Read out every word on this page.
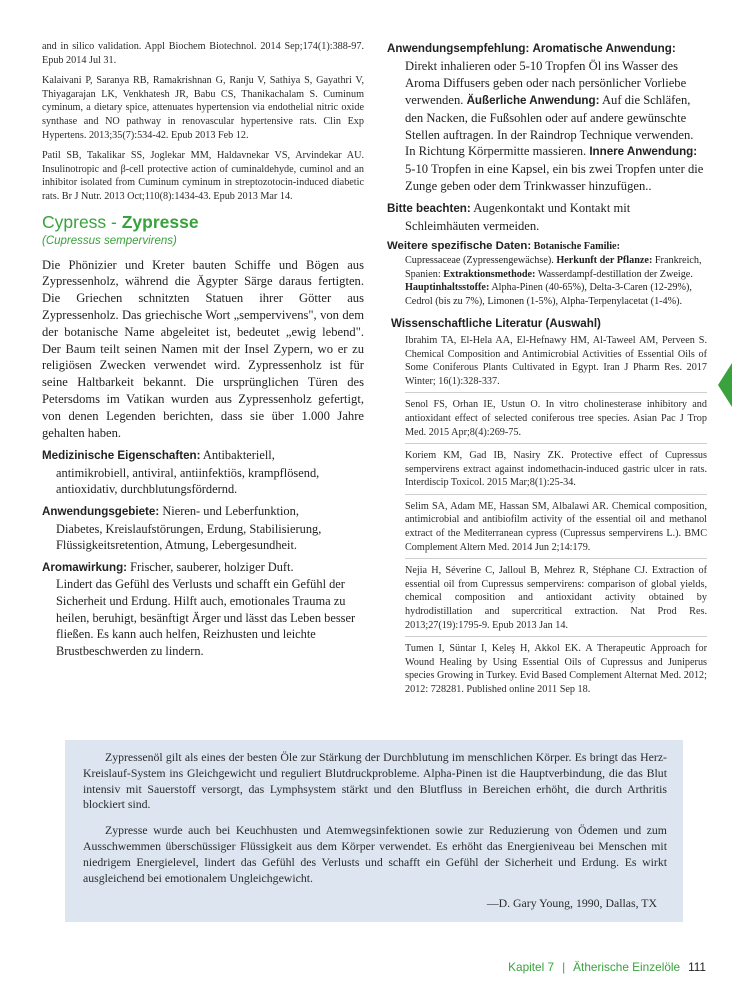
and in silico validation. Appl Biochem Biotechnol. 2014 Sep;174(1):388-97. Epub 2014 Jul 31.

Kalaivani P, Saranya RB, Ramakrishnan G, Ranju V, Sathiya S, Gayathri V, Thiyagarajan LK, Venkhatesh JR, Babu CS, Thanikachalam S. Cuminum cyminum, a dietary spice, attenuates hypertension via endothelial nitric oxide synthase and NO pathway in renovascular hypertensive rats. Clin Exp Hypertens. 2013;35(7):534-42. Epub 2013 Feb 12.

Patil SB, Takalikar SS, Joglekar MM, Haldavnekar VS, Arvindekar AU. Insulinotropic and β-cell protective action of cuminaldehyde, cuminol and an inhibitor isolated from Cuminum cyminum in streptozotocin-induced diabetic rats. Br J Nutr. 2013 Oct;110(8):1434-43. Epub 2013 Mar 14.

Cypress - Zypresse
(Cupressus sempervirens)

Die Phönizier und Kreter bauten Schiffe und Bögen aus Zypressenholz, während die Ägypter Särge daraus fertigten. Die Griechen schnitzten Statuen ihrer Götter aus Zypressenholz. Das griechische Wort „sempervivens", von dem der botanische Name abgeleitet ist, bedeutet „ewig lebend". Der Baum teilt seinen Namen mit der Insel Zypern, wo er zu religiösen Zwecken verwendet wird. Zypressenholz ist für seine Haltbarkeit bekannt. Die ursprünglichen Türen des Petersdoms im Vatikan wurden aus Zypressenholz gefertigt, von denen Legenden berichten, dass sie über 1.000 Jahre gehalten haben.

Medizinische Eigenschaften: Antibakteriell,
antimikrobiell, antiviral, antiinfektiös, krampflösend, antioxidativ, durchblutungsfördernd.
Anwendungsgebiete: Nieren- und Leberfunktion,
Diabetes, Kreislaufstörungen, Erdung, Stabilisierung, Flüssigkeitsretention, Atmung, Lebergesundheit.
Aromawirkung: Frischer, sauberer, holziger Duft.
Lindert das Gefühl des Verlusts und schafft ein Gefühl der Sicherheit und Erdung. Hilft auch, emotionales Trauma zu heilen, beruhigt, besänftigt Ärger und lässt das Leben besser fließen. Es kann auch helfen, Reizhusten und leichte Brustbeschwerden zu lindern.
Anwendungsempfehlung: Aromatische Anwendung:
Direkt inhalieren oder 5-10 Tropfen Öl ins Wasser des Aroma Diffusers geben oder nach persönlicher Vorliebe verwenden. Äußerliche Anwendung: Auf die Schläfen, den Nacken, die Fußsohlen oder auf andere gewünschte Stellen auftragen. In der Raindrop Technique verwenden. In Richtung Körpermitte massieren. Innere Anwendung: 5-10 Tropfen in eine Kapsel, ein bis zwei Tropfen unter die Zunge geben oder dem Trinkwasser hinzufügen..
Bitte beachten: Augenkontakt und Kontakt mit
Schleimhäuten vermeiden.
Weitere spezifische Daten: Botanische Familie:
Cupressaceae (Zypressengewächse). Herkunft der Pflanze: Frankreich, Spanien: Extraktionsmethode: Wasserdampf-destillation der Zweige. Hauptinhaltsstoffe: Alpha-Pinen (40-65%), Delta-3-Caren (12-29%), Cedrol (bis zu 7%), Limonen (1-5%), Alpha-Terpenylacetat (1-4%).
Wissenschaftliche Literatur (Auswahl)

Ibrahim TA, El-Hela AA, El-Hefnawy HM, Al-Taweel AM, Perveen S. Chemical Composition and Antimicrobial Activities of Essential Oils of Some Coniferous Plants Cultivated in Egypt. Iran J Pharm Res. 2017 Winter; 16(1):328-337.

Senol FS, Orhan IE, Ustun O. In vitro cholinesterase inhibitory and antioxidant effect of selected coniferous tree species. Asian Pac J Trop Med. 2015 Apr;8(4):269-75.

Koriem KM, Gad IB, Nasiry ZK. Protective effect of Cupressus sempervirens extract against indomethacin-induced gastric ulcer in rats. Interdiscip Toxicol. 2015 Mar;8(1):25-34.

Selim SA, Adam ME, Hassan SM, Albalawi AR. Chemical composition, antimicrobial and antibiofilm activity of the essential oil and methanol extract of the Mediterranean cypress (Cupressus sempervirens L.). BMC Complement Altern Med. 2014 Jun 2;14:179.

Nejia H, Séverine C, Jalloul B, Mehrez R, Stéphane CJ. Extraction of essential oil from Cupressus sempervirens: comparison of global yields, chemical composition and antioxidant activity obtained by hydrodistillation and supercritical extraction. Nat Prod Res. 2013;27(19):1795-9. Epub 2013 Jan 14.

Tumen I, Süntar I, Keleş H, Akkol EK. A Therapeutic Approach for Wound Healing by Using Essential Oils of Cupressus and Juniperus species Growing in Turkey. Evid Based Complement Alternat Med. 2012; 2012: 728281. Published online 2011 Sep 18.

Zypressenöl gilt als eines der besten Öle zur Stärkung der Durchblutung im menschlichen Körper. Es bringt das Herz-Kreislauf-System ins Gleichgewicht und reguliert Blutdruckprobleme. Alpha-Pinen ist die Hauptverbindung, die das Blut intensiv mit Sauerstoff versorgt, das Lymphsystem stärkt und den Blutfluss in Bereichen erhöht, die durch Arthritis blockiert sind.

Zypresse wurde auch bei Keuchhusten und Atemwegsinfektionen sowie zur Reduzierung von Ödemen und zum Ausschwemmen überschüssiger Flüssigkeit aus dem Körper verwendet. Es erhöht das Energieniveau bei Menschen mit niedrigem Energielevel, lindert das Gefühl des Verlusts und schafft ein Gefühl der Sicherheit und Erdung. Es wirkt ausgleichend bei emotionalem Ungleichgewicht.

—D. Gary Young, 1990, Dallas, TX

Kapitel 7 | Ätherische Einzelöle 111
